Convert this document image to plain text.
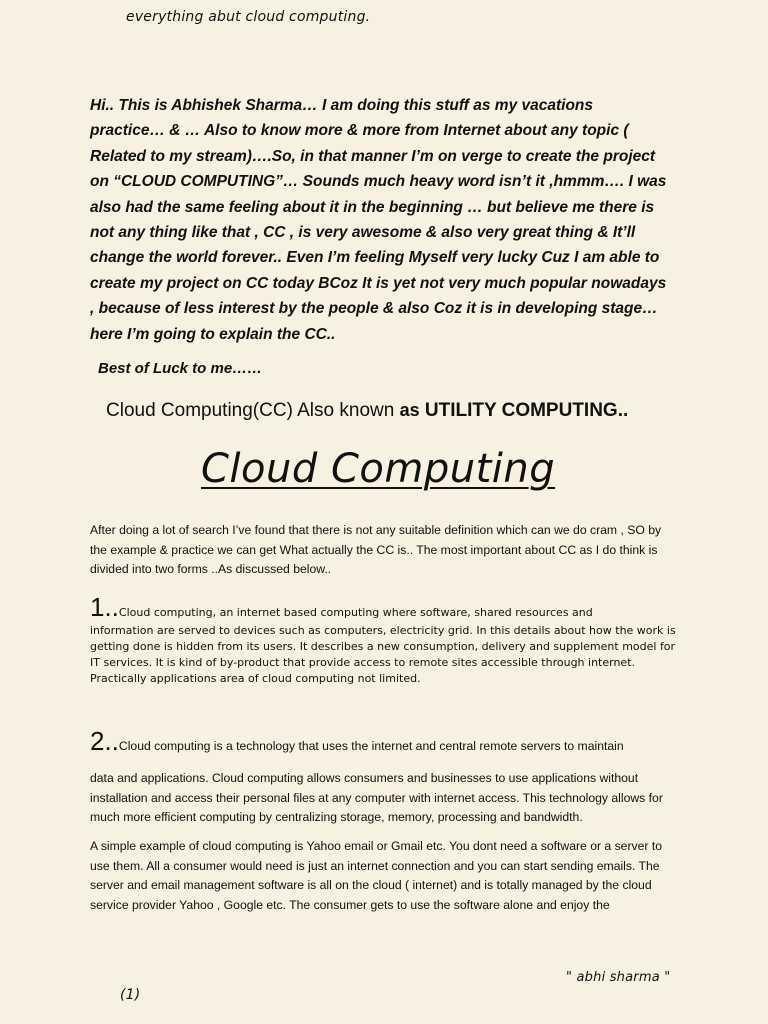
everything abut cloud computing.

Hi.. This is Abhishek Sharma… I am doing this stuff as my vacations practice… & … Also to know more & more from Internet about any topic ( Related to my stream)….So, in that manner I’m on verge to create the project on “CLOUD COMPUTING”… Sounds much heavy word isn’t it ,hmmm…. I was also had the same feeling about it in the beginning … but believe me there is not any thing like that , CC , is very awesome & also very great thing & It’ll change the world forever.. Even I’m feeling Myself very lucky Cuz I am able to create my project on CC today BCoz It is yet not very much popular nowadays , because of less interest by the people & also Coz it is in developing stage… here I’m going to explain the CC..

Best of Luck to me……
Cloud Computing(CC) Also known as UTILITY COMPUTING..
Cloud Computing

After doing a lot of search I’ve found that there is not any suitable definition which can we do cram , SO by the example & practice we can get What actually the CC is.. The most important about CC as I do think is divided into two forms ..As discussed below..

1..Cloud computing, an internet based computing where software, shared resources and
information are served to devices such as computers, electricity grid. In this details about how the work is getting done is hidden from its users. It describes a new consumption, delivery and supplement model for IT services. It is kind of by-product that provide access to remote sites accessible through internet. Practically applications area of cloud computing not limited.
2..Cloud computing is a technology that uses the internet and central remote servers to maintain
data and applications. Cloud computing allows consumers and businesses to use applications without installation and access their personal files at any computer with internet access. This technology allows for much more efficient computing by centralizing storage, memory, processing and bandwidth.

A simple example of cloud computing is Yahoo email or Gmail etc. You dont need a software or a server to use them. All a consumer would need is just an internet connection and you can start sending emails. The server and email management software is all on the cloud ( internet) and is totally managed by the cloud service provider Yahoo , Google etc. The consumer gets to use the software alone and enjoy the

" abhi sharma "
(1)
